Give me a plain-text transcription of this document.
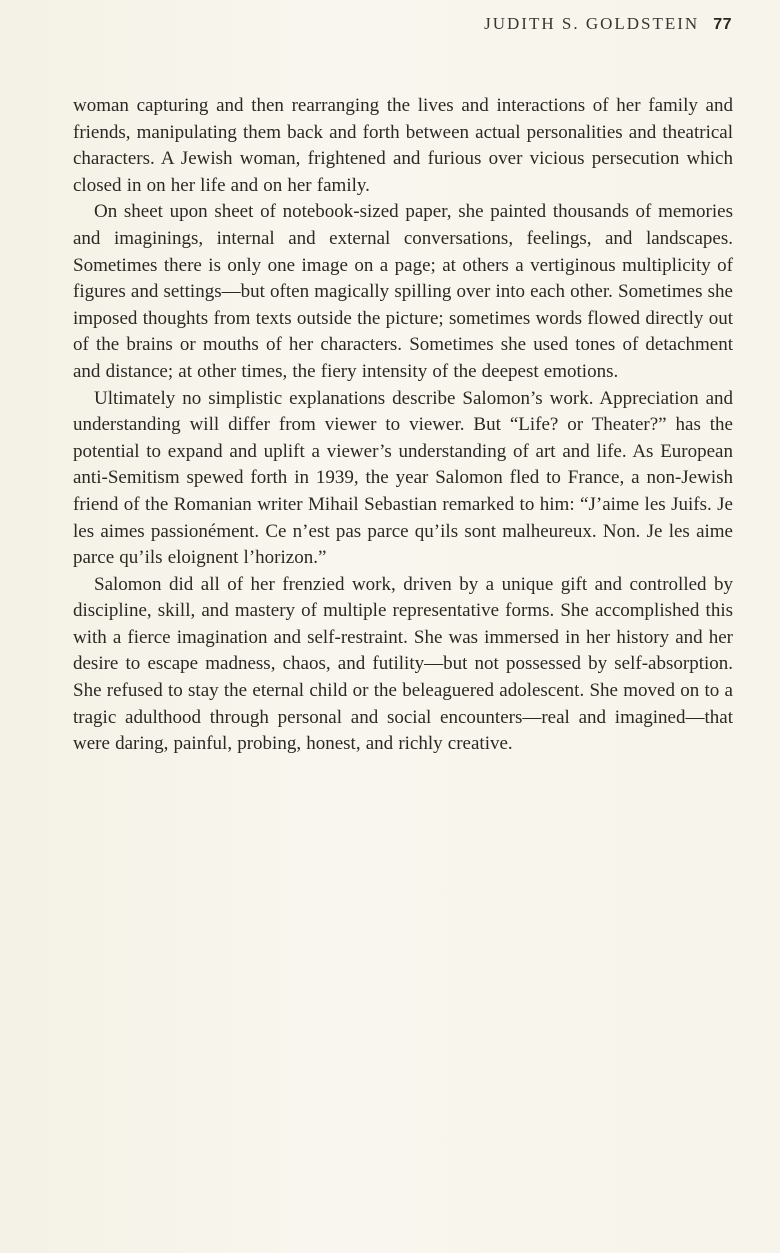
JUDITH S. GOLDSTEIN 77

woman capturing and then rearranging the lives and interactions of her family and friends, manipulating them back and forth between actual personalities and theatrical characters. A Jewish woman, frightened and furious over vicious persecution which closed in on her life and on her family.

On sheet upon sheet of notebook-sized paper, she painted thousands of memories and imaginings, internal and external conversations, feelings, and landscapes. Sometimes there is only one image on a page; at others a vertiginous multiplicity of figures and settings—but often magically spilling over into each other. Sometimes she imposed thoughts from texts outside the picture; sometimes words flowed directly out of the brains or mouths of her characters. Sometimes she used tones of detachment and distance; at other times, the fiery intensity of the deepest emotions.

Ultimately no simplistic explanations describe Salomon’s work. Appreciation and understanding will differ from viewer to viewer. But “Life? or Theater?” has the potential to expand and uplift a viewer’s understanding of art and life. As European anti-Semitism spewed forth in 1939, the year Salomon fled to France, a non-Jewish friend of the Romanian writer Mihail Sebastian remarked to him: “J’aime les Juifs. Je les aimes passionément. Ce n’est pas parce qu’ils sont malheureux. Non. Je les aime parce qu’ils eloignent l’horizon.”

Salomon did all of her frenzied work, driven by a unique gift and controlled by discipline, skill, and mastery of multiple representative forms. She accomplished this with a fierce imagination and self-restraint. She was immersed in her history and her desire to escape madness, chaos, and futility—but not possessed by self-absorption. She refused to stay the eternal child or the beleaguered adolescent. She moved on to a tragic adulthood through personal and social encounters—real and imagined—that were daring, painful, probing, honest, and richly creative.
